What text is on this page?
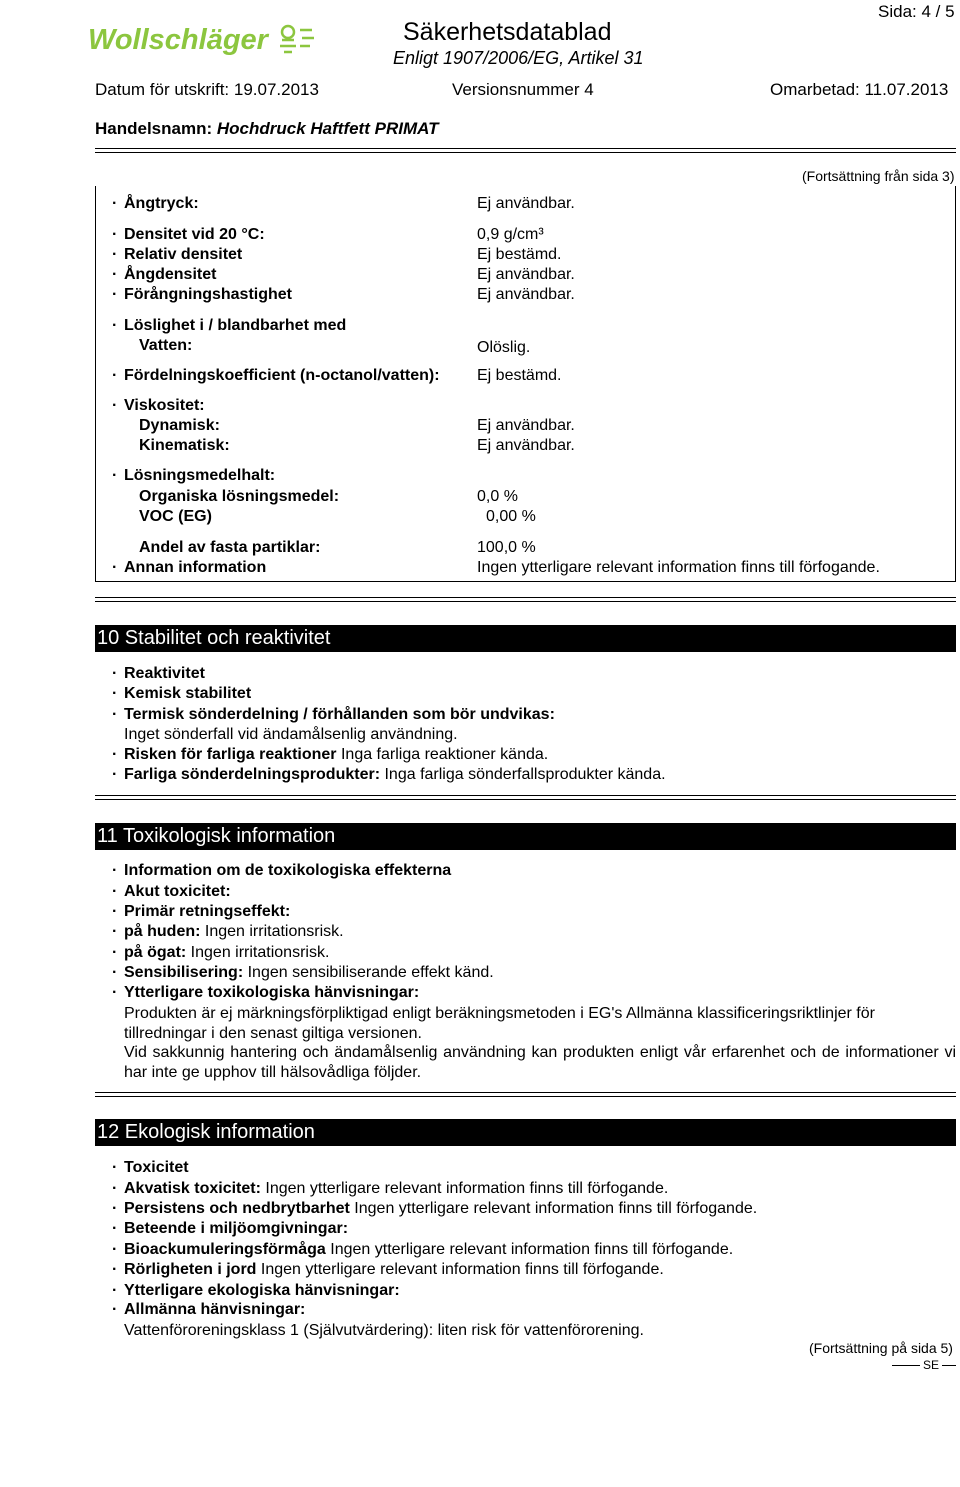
Sida: 4 / 5
Wollschläger	Säkerhetsdatablad
Enligt 1907/2006/EG, Artikel 31
Datum för utskrift: 19.07.2013	Versionsnummer 4	Omarbetad: 11.07.2013
Handelsnamn: Hochdruck Haftfett PRIMAT
(Fortsättning från sida 3)
· Ångtryck:	Ej användbar.
· Densitet vid 20 °C:	0,9 g/cm³
· Relativ densitet	Ej bestämd.
· Ångdensitet	Ej användbar.
· Förångningshastighet	Ej användbar.
· Löslighet i / blandbarhet med
Vatten:	Olöslig.
· Fördelningskoefficient (n-octanol/vatten): Ej bestämd.
· Viskositet:
Dynamisk:	Ej användbar.
Kinematisk:	Ej användbar.
· Lösningsmedelhalt:
Organiska lösningsmedel:	0,0 %
VOC (EG)	0,00 %
Andel av fasta partiklar:	100,0 %
· Annan information	Ingen ytterligare relevant information finns till förfogande.
10 Stabilitet och reaktivitet
· Reaktivitet
· Kemisk stabilitet
· Termisk sönderdelning / förhållanden som bör undvikas:
Inget sönderfall vid ändamålsenlig användning.
· Risken för farliga reaktioner Inga farliga reaktioner kända.
· Farliga sönderdelningsprodukter: Inga farliga sönderfallsprodukter kända.
11 Toxikologisk information
· Information om de toxikologiska effekterna
· Akut toxicitet:
· Primär retningseffekt:
· på huden: Ingen irritationsrisk.
· på ögat: Ingen irritationsrisk.
· Sensibilisering: Ingen sensibiliserande effekt känd.
· Ytterligare toxikologiska hänvisningar:
Produkten är ej märkningsförpliktigad enligt beräkningsmetoden i EG's Allmänna klassificeringsriktlinjer för tillredningar i den senast giltiga versionen.
Vid sakkunnig hantering och ändamålsenlig användning kan produkten enligt vår erfarenhet och de informationer vi har inte ge upphov till hälsovådliga följder.
12 Ekologisk information
· Toxicitet
· Akvatisk toxicitet: Ingen ytterligare relevant information finns till förfogande.
· Persistens och nedbrytbarhet Ingen ytterligare relevant information finns till förfogande.
· Beteende i miljöomgivningar:
· Bioackumuleringsförmåga Ingen ytterligare relevant information finns till förfogande.
· Rörligheten i jord Ingen ytterligare relevant information finns till förfogande.
· Ytterligare ekologiska hänvisningar:
· Allmänna hänvisningar:
Vattenföroreningsklass 1 (Självutvärdering): liten risk för vattenförorening.
(Fortsättning på sida 5)
SE
